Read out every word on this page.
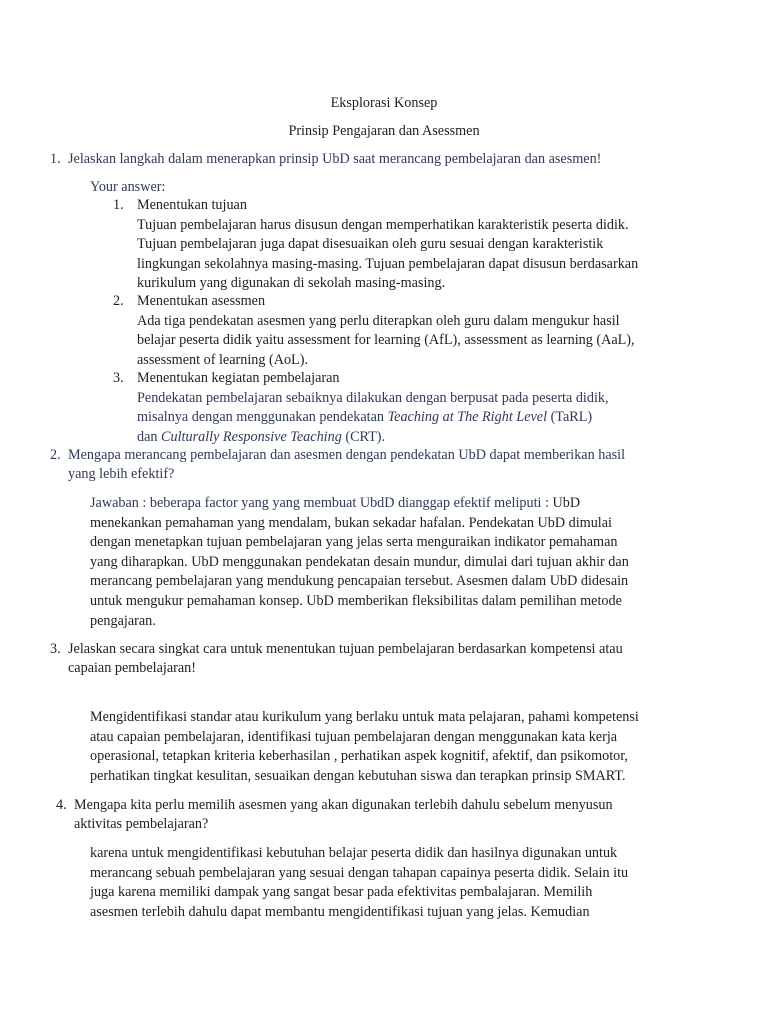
Eksplorasi Konsep
Prinsip Pengajaran dan Asessmen
1. Jelaskan langkah dalam menerapkan prinsip UbD saat merancang pembelajaran dan asesmen!
Your answer:
1. Menentukan tujuan
Tujuan pembelajaran harus disusun dengan memperhatikan karakteristik peserta didik.
Tujuan pembelajaran juga dapat disesuaikan oleh guru sesuai dengan karakteristik
lingkungan sekolahnya masing-masing. Tujuan pembelajaran dapat disusun berdasarkan
kurikulum yang digunakan di sekolah masing-masing.
2. Menentukan asessmen
Ada tiga pendekatan asesmen yang perlu diterapkan oleh guru dalam mengukur hasil
belajar peserta didik yaitu assessment for learning (AfL), assessment as learning (AaL),
assessment of learning (AoL).
3. Menentukan kegiatan pembelajaran
Pendekatan pembelajaran sebaiknya dilakukan dengan berpusat pada peserta didik,
misalnya dengan menggunakan pendekatan Teaching at The Right Level (TaRL)
dan Culturally Responsive Teaching (CRT).
2. Mengapa merancang pembelajaran dan asesmen dengan pendekatan UbD dapat memberikan hasil
yang lebih efektif?
Jawaban : beberapa factor yang yang membuat UbdD dianggap efektif meliputi : UbD
menekankan pemahaman yang mendalam, bukan sekadar hafalan. Pendekatan UbD dimulai
dengan menetapkan tujuan pembelajaran yang jelas serta menguraikan indikator pemahaman
yang diharapkan. UbD menggunakan pendekatan desain mundur, dimulai dari tujuan akhir dan
merancang pembelajaran yang mendukung pencapaian tersebut. Asesmen dalam UbD didesain
untuk mengukur pemahaman konsep. UbD memberikan fleksibilitas dalam pemilihan metode
pengajaran.
3. Jelaskan secara singkat cara untuk menentukan tujuan pembelajaran berdasarkan kompetensi atau
capaian pembelajaran!
Mengidentifikasi standar atau kurikulum yang berlaku untuk mata pelajaran, pahami kompetensi
atau capaian pembelajaran, identifikasi tujuan pembelajaran dengan menggunakan kata kerja
operasional, tetapkan kriteria keberhasilan , perhatikan aspek kognitif, afektif, dan psikomotor,
perhatikan tingkat kesulitan, sesuaikan dengan kebutuhan siswa dan terapkan prinsip SMART.
4. Mengapa kita perlu memilih asesmen yang akan digunakan terlebih dahulu sebelum menyusun
aktivitas pembelajaran?
karena untuk mengidentifikasi kebutuhan belajar peserta didik dan hasilnya digunakan untuk
merancang sebuah pembelajaran yang sesuai dengan tahapan capainya peserta didik. Selain itu
juga karena memiliki dampak yang sangat besar pada efektivitas pembalajaran. Memilih
asesmen terlebih dahulu dapat membantu mengidentifikasi tujuan yang jelas. Kemudian
